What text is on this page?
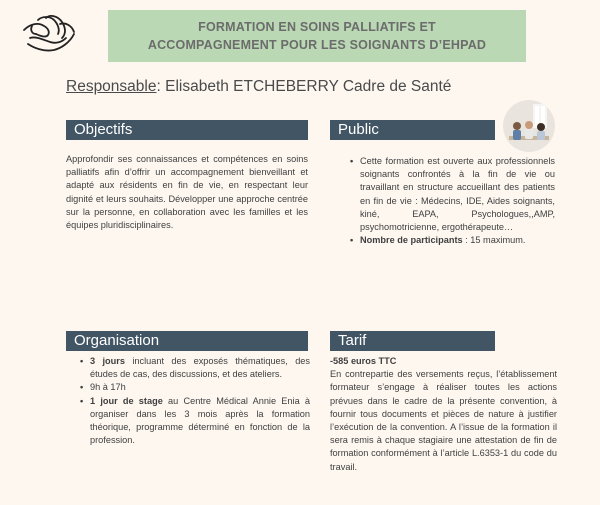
FORMATION EN SOINS PALLIATIFS ET
ACCOMPAGNEMENT POUR LES SOIGNANTS D’EHPAD
Responsable: Elisabeth ETCHEBERRY Cadre de Santé
Objectifs
Approfondir ses connaissances et compétences en soins palliatifs afin d’offrir un accompagnement bienveillant et adapté aux résidents en fin de vie, en respectant leur dignité et leurs souhaits. Développer une approche centrée sur la personne, en collaboration avec les familles et les équipes pluridisciplinaires.
Public
• Cette formation est ouverte aux professionnels soignants confrontés à la fin de vie ou travaillant en structure accueillant des patients en fin de vie : Médecins, IDE, Aides soignants, kiné, EAPA, Psychologues,,AMP, psychomotricienne, ergothérapeute…
• Nombre de participants : 15 maximum.
Organisation
• 3 jours incluant des exposés thématiques, des études de cas, des discussions, et des ateliers.
• 9h à 17h
• 1 jour de stage au Centre Médical Annie Enia à organiser dans les 3 mois après la formation théorique, programme déterminé en fonction de la profession.
Tarif
-585 euros TTC
En contrepartie des versements reçus, l’établissement formateur s’engage à réaliser toutes les actions prévues dans le cadre de la présente convention, à fournir tous documents et pièces de nature à justifier l’exécution de la convention. A l’issue de la formation il sera remis à chaque stagiaire une attestation de fin de formation conformément à l’article L.6353-1 du code du travail.
